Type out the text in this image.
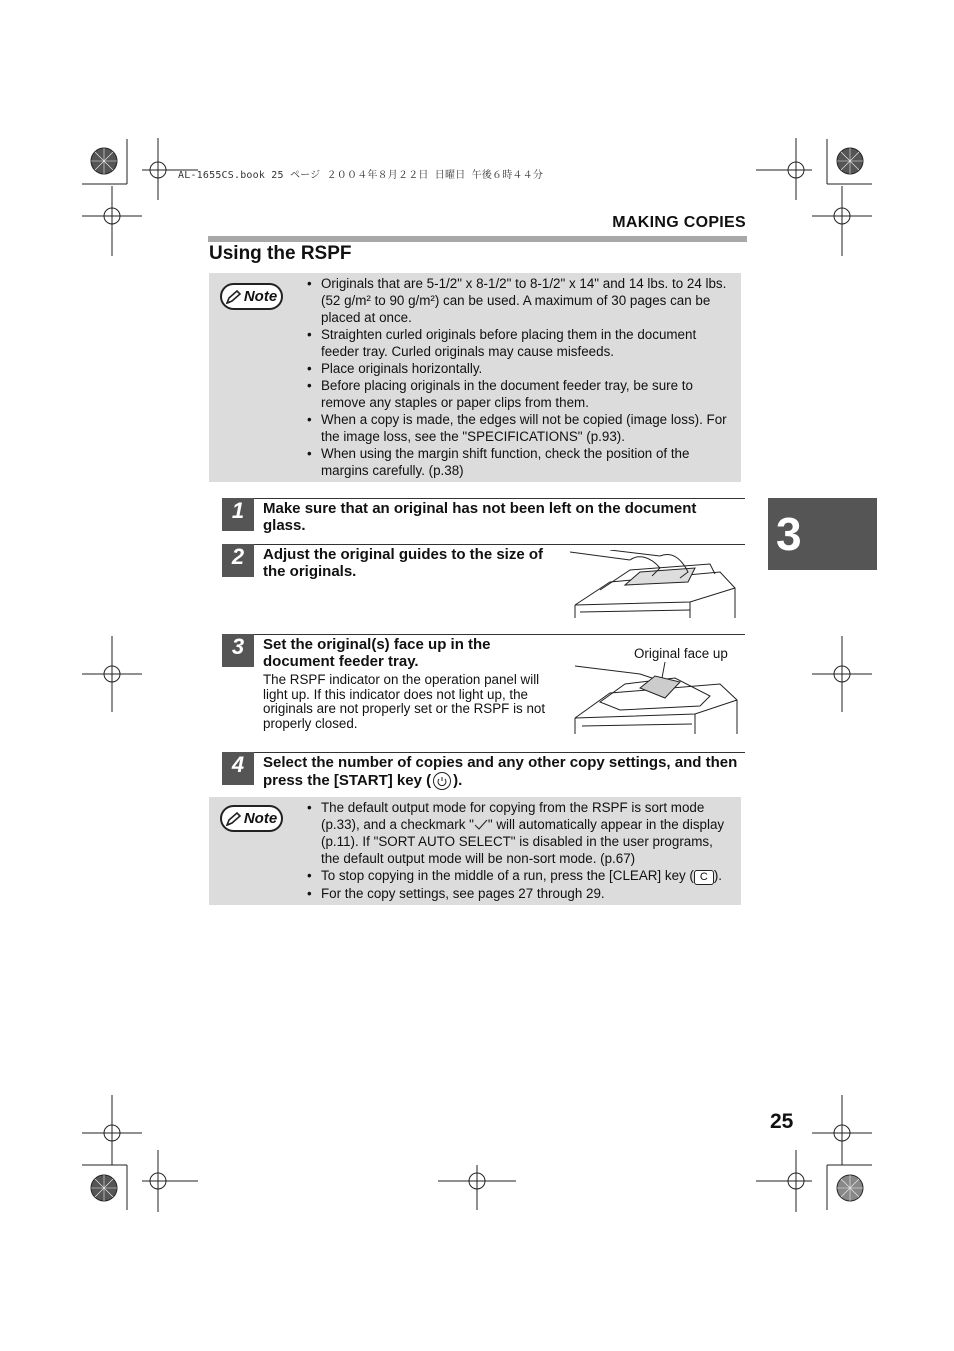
AL-1655CS.book 25 ページ ２００４年８月２２日 日曜日 午後６時４４分
MAKING COPIES
Using the RSPF
Note
• Originals that are 5-1/2" x 8-1/2" to 8-1/2" x 14" and 14 lbs. to 24 lbs. (52 g/m² to 90 g/m²) can be used. A maximum of 30 pages can be placed at once.
• Straighten curled originals before placing them in the document feeder tray. Curled originals may cause misfeeds.
• Place originals horizontally.
• Before placing originals in the document feeder tray, be sure to remove any staples or paper clips from them.
• When a copy is made, the edges will not be copied (image loss). For the image loss, see the "SPECIFICATIONS" (p.93).
• When using the margin shift function, check the position of the margins carefully. (p.38)
1	Make sure that an original has not been left on the document glass.
2	Adjust the original guides to the size of the originals.
3	Set the original(s) face up in the document feeder tray.
The RSPF indicator on the operation panel will light up. If this indicator does not light up, the originals are not properly set or the RSPF is not properly closed.
Original face up
4	Select the number of copies and any other copy settings, and then press the [START] key ( ).
Note
• The default output mode for copying from the RSPF is sort mode (p.33), and a checkmark " " will automatically appear in the display (p.11). If "SORT AUTO SELECT" is disabled in the user programs, the default output mode will be non-sort mode. (p.67)
• To stop copying in the middle of a run, press the [CLEAR] key ( C ).
• For the copy settings, see pages 27 through 29.
3
25
